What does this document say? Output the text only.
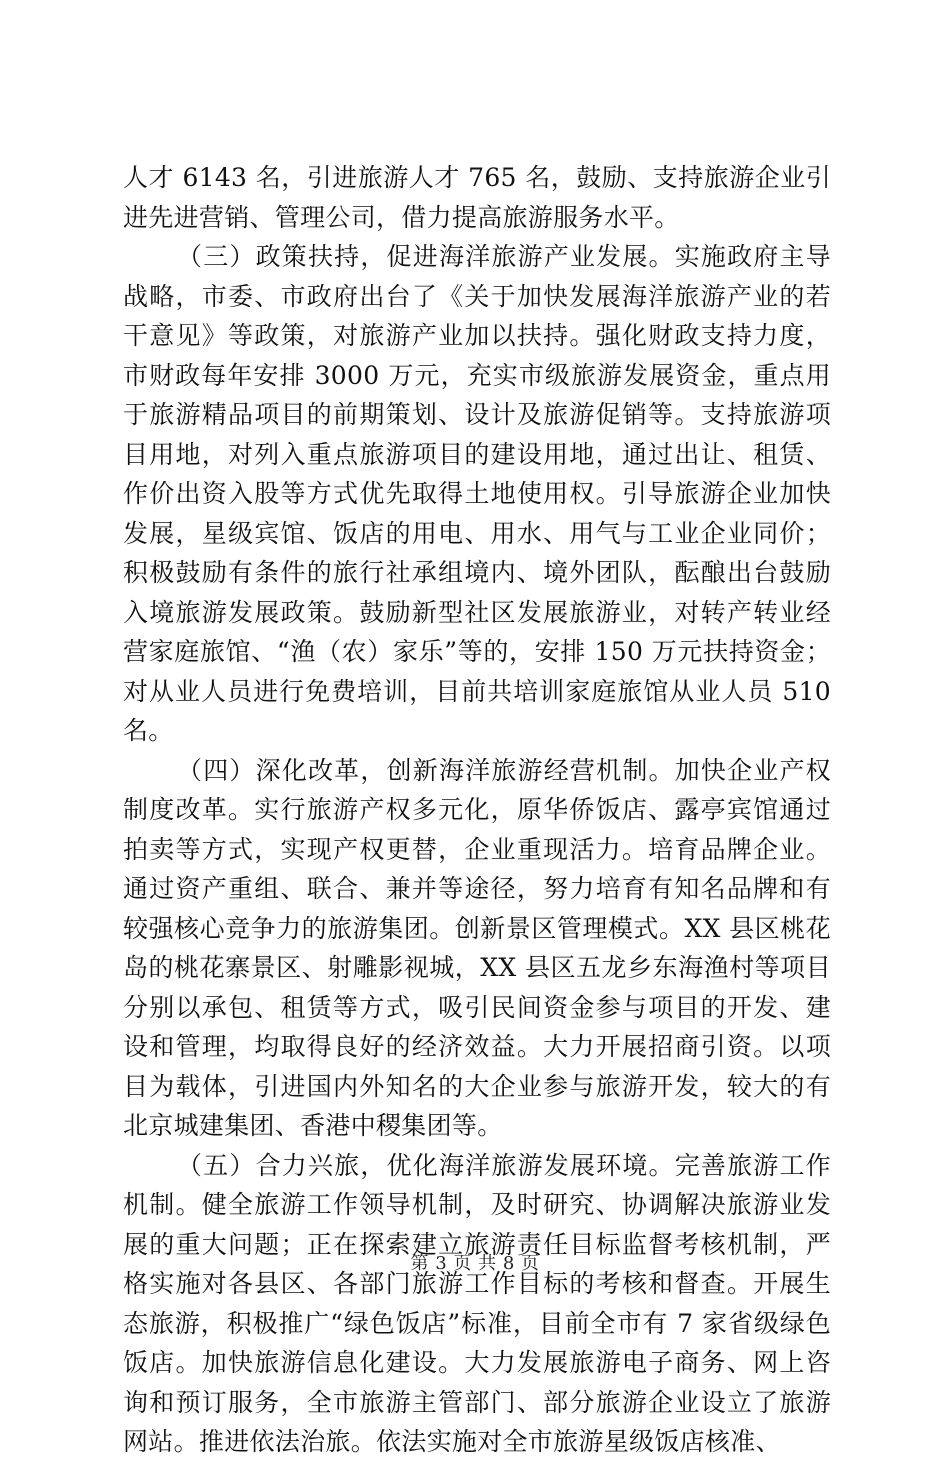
人才 6143 名，引进旅游人才 765 名，鼓励、支持旅游企业引进先进营销、管理公司，借力提高旅游服务水平。

（三）政策扶持，促进海洋旅游产业发展。实施政府主导战略，市委、市政府出台了《关于加快发展海洋旅游产业的若干意见》等政策，对旅游产业加以扶持。强化财政支持力度，市财政每年安排 3000 万元，充实市级旅游发展资金，重点用于旅游精品项目的前期策划、设计及旅游促销等。支持旅游项目用地，对列入重点旅游项目的建设用地，通过出让、租赁、作价出资入股等方式优先取得土地使用权。引导旅游企业加快发展，星级宾馆、饭店的用电、用水、用气与工业企业同价；积极鼓励有条件的旅行社承组境内、境外团队，酝酿出台鼓励入境旅游发展政策。鼓励新型社区发展旅游业，对转产转业经营家庭旅馆、“渔（农）家乐”等的，安排 150 万元扶持资金；对从业人员进行免费培训，目前共培训家庭旅馆从业人员 510 名。

（四）深化改革，创新海洋旅游经营机制。加快企业产权制度改革。实行旅游产权多元化，原华侨饭店、露亭宾馆通过拍卖等方式，实现产权更替，企业重现活力。培育品牌企业。通过资产重组、联合、兼并等途径，努力培育有知名品牌和有较强核心竞争力的旅游集团。创新景区管理模式。XX 县区桃花岛的桃花寨景区、射雕影视城，XX 县区五龙乡东海渔村等项目分别以承包、租赁等方式，吸引民间资金参与项目的开发、建设和管理，均取得良好的经济效益。大力开展招商引资。以项目为载体，引进国内外知名的大企业参与旅游开发，较大的有北京城建集团、香港中稷集团等。

（五）合力兴旅，优化海洋旅游发展环境。完善旅游工作机制。健全旅游工作领导机制，及时研究、协调解决旅游业发展的重大问题；正在探索建立旅游责任目标监督考核机制，严格实施对各县区、各部门旅游工作目标的考核和督查。开展生态旅游，积极推广“绿色饭店”标准，目前全市有 7 家省级绿色饭店。加快旅游信息化建设。大力发展旅游电子商务、网上咨询和预订服务，全市旅游主管部门、部分旅游企业设立了旅游网站。推进依法治旅。依法实施对全市旅游星级饭店核准、

第 3 页 共 8 页
